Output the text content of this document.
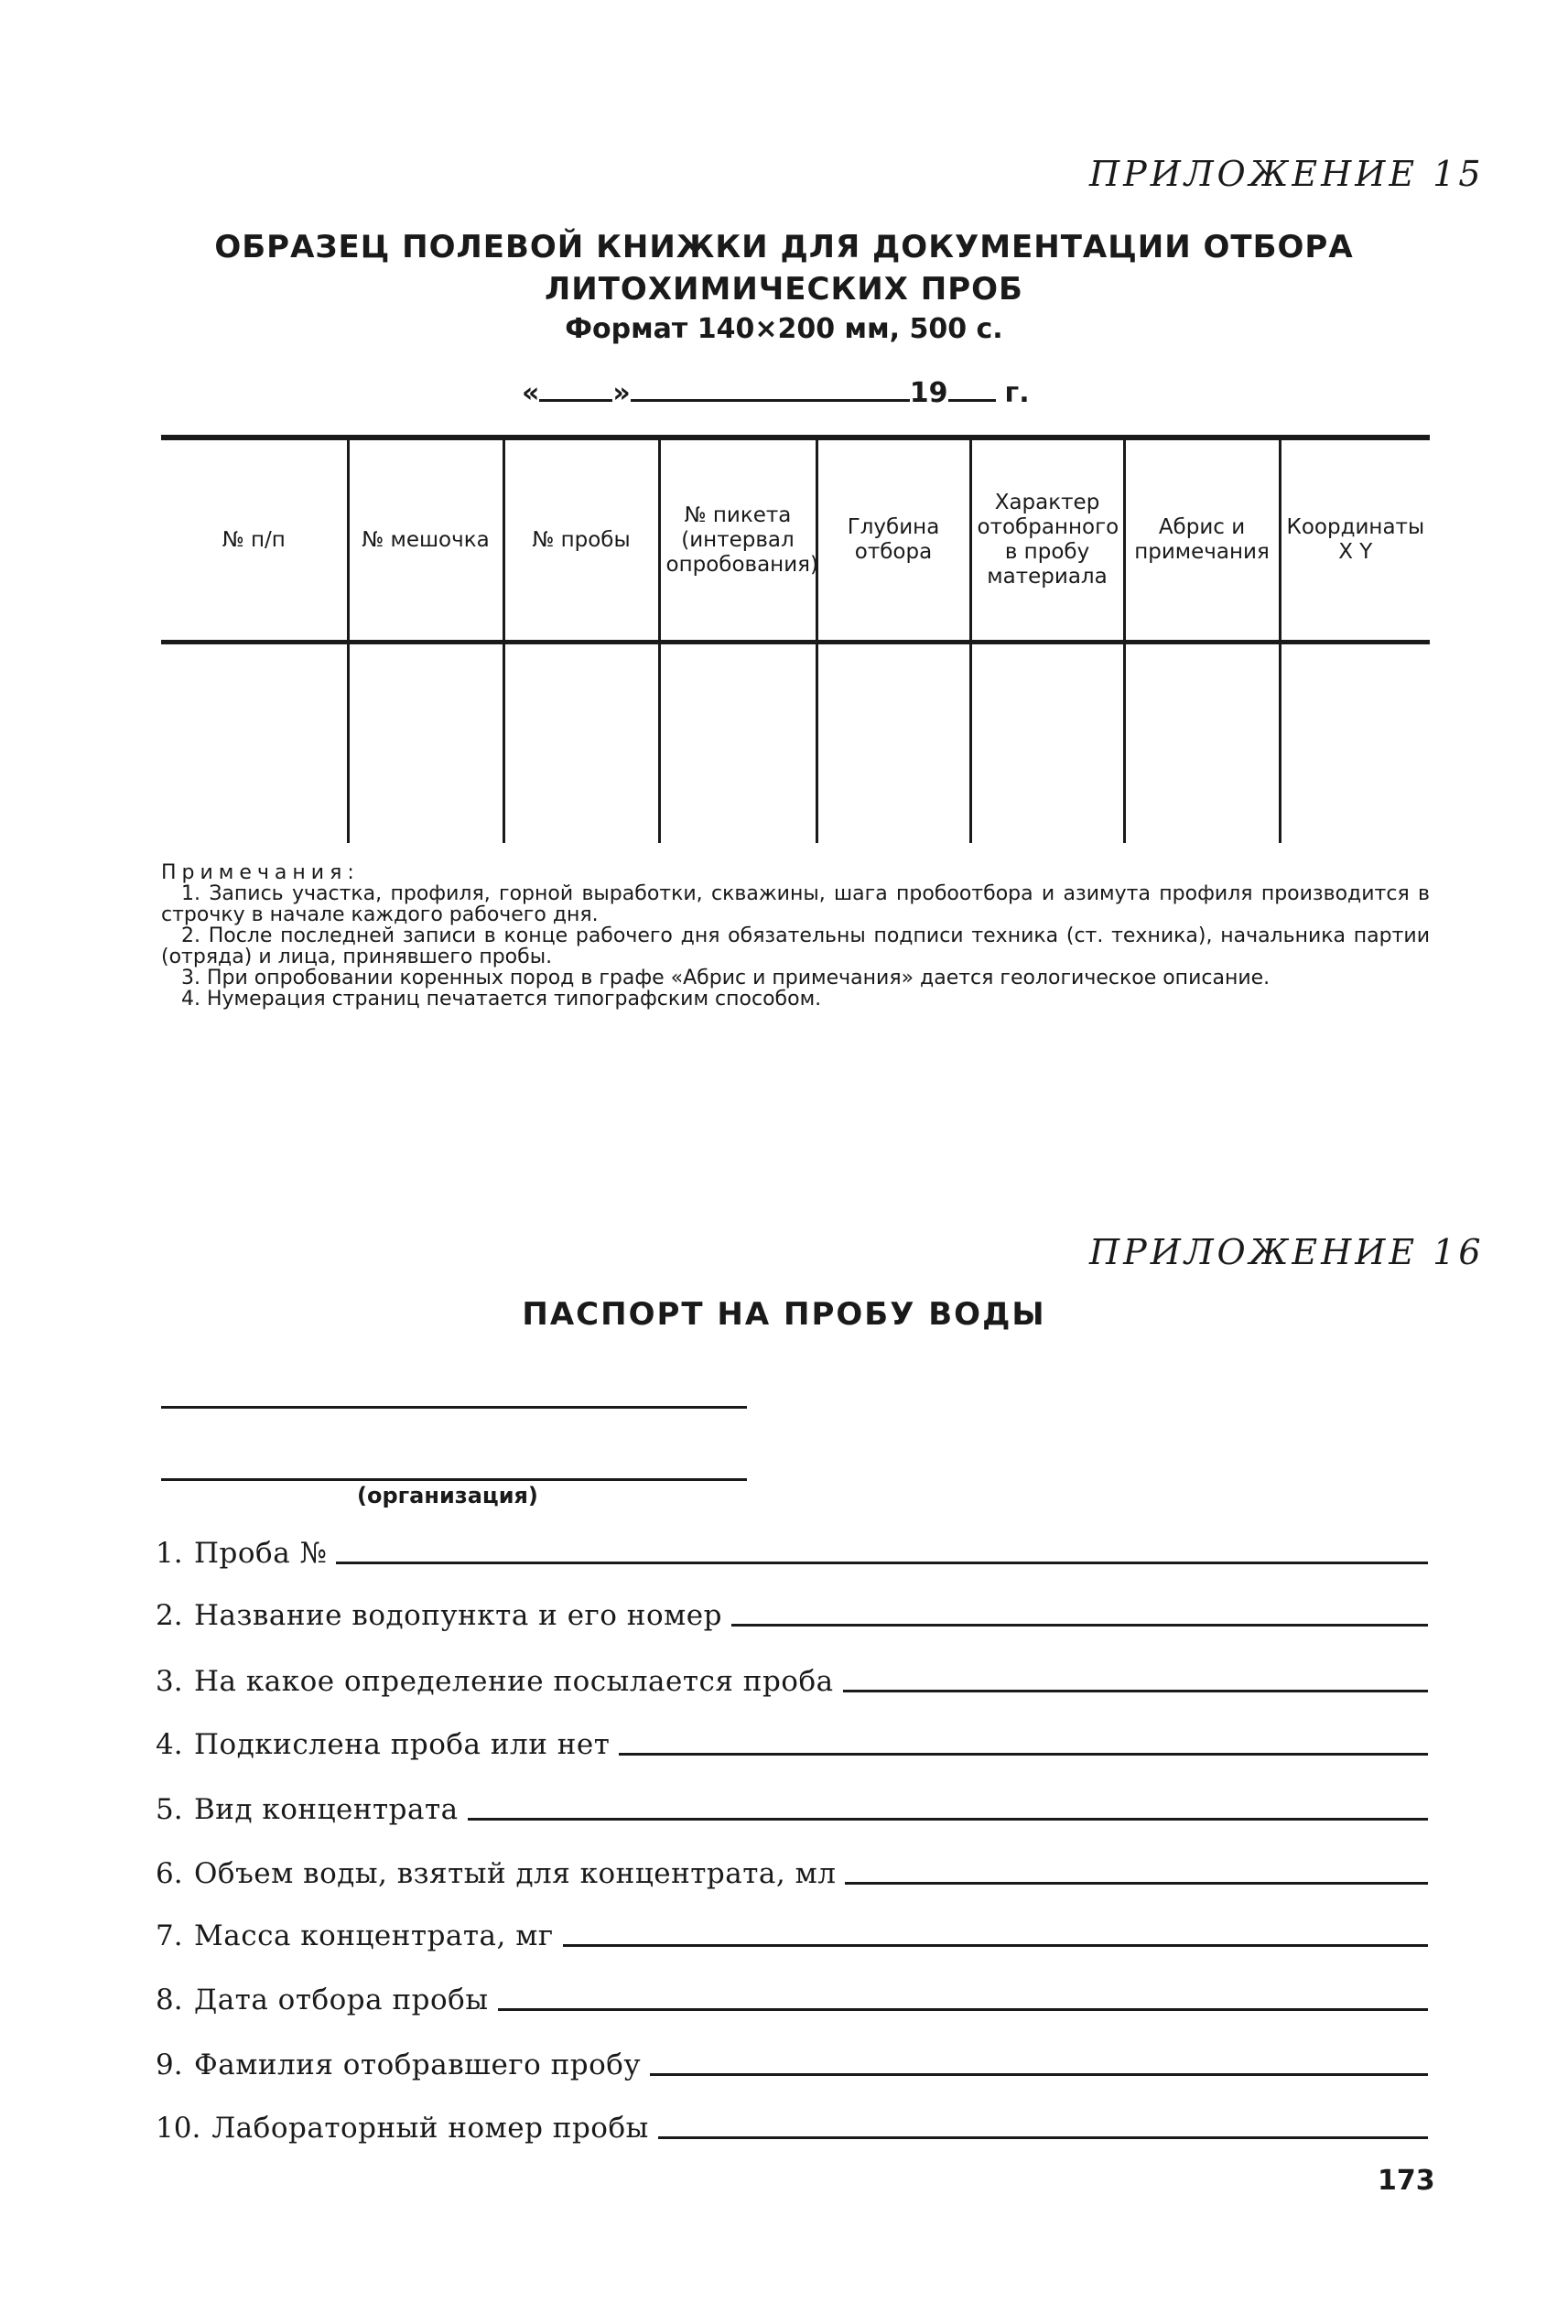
ПРИЛОЖЕНИЕ 15
ОБРАЗЕЦ ПОЛЕВОЙ КНИЖКИ ДЛЯ ДОКУМЕНТАЦИИ ОТБОРА
ЛИТОХИМИЧЕСКИХ ПРОБ
Формат 140×200 мм, 500 с.
«	»	19 г.
№ п/п	№ мешочка	№ пробы	№ пикета (интервал опробования)	Глубина отбора	Характер отобранного в пробу материала	Абрис и примечания	Координаты X Y

Примечания:

1. Запись участка, профиля, горной выработки, скважины, шага пробоотбора и азимута профиля производится в строчку в начале каждого рабочего дня.

2. После последней записи в конце рабочего дня обязательны подписи техника (ст. техника), начальника партии (отряда) и лица, принявшего пробы.

3. При опробовании коренных пород в графе «Абрис и примечания» дается геологическое описание.

4. Нумерация страниц печатается типографским способом.

ПРИЛОЖЕНИЕ 16
ПАСПОРТ НА ПРОБУ ВОДЫ
(организация)
1. Проба №
2. Название водопункта и его номер
3. На какое определение посылается проба
4. Подкислена проба или нет
5. Вид концентрата
6. Объем воды, взятый для концентрата, мл
7. Масса концентрата, мг
8. Дата отбора пробы
9. Фамилия отобравшего пробу
10. Лабораторный номер пробы
173
